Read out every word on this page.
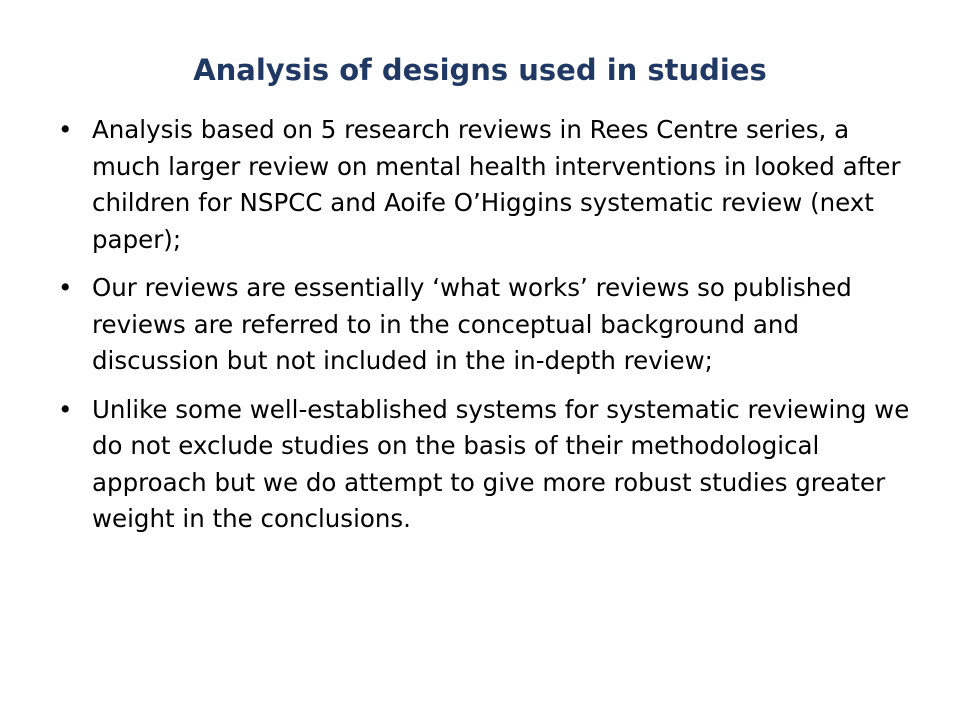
Analysis of designs used in studies
• Analysis based on 5 research reviews in Rees Centre series, a much larger review on mental health interventions in looked after children for NSPCC and Aoife O’Higgins systematic review (next paper);
• Our reviews are essentially ‘what works’ reviews so published reviews are referred to in the conceptual background and discussion but not included in the in-depth review;
• Unlike some well-established systems for systematic reviewing we do not exclude studies on the basis of their methodological approach but we do attempt to give more robust studies greater weight in the conclusions.
